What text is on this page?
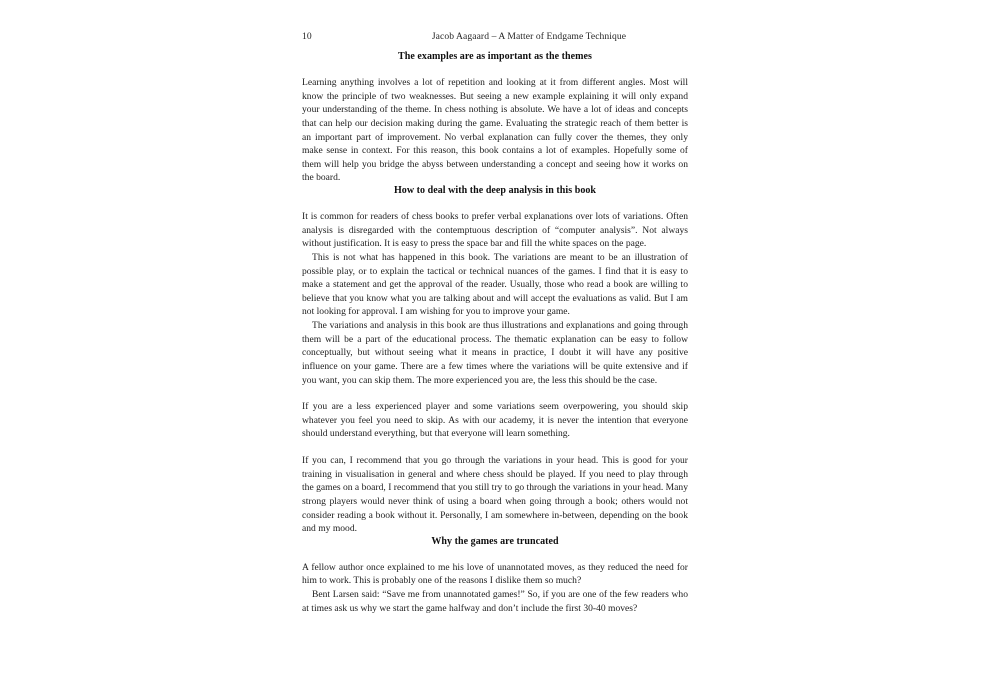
10	Jacob Aagaard – A Matter of Endgame Technique
The examples are as important as the themes

Learning anything involves a lot of repetition and looking at it from different angles. Most will know the principle of two weaknesses. But seeing a new example explaining it will only expand your understanding of the theme. In chess nothing is absolute. We have a lot of ideas and concepts that can help our decision making during the game. Evaluating the strategic reach of them better is an important part of improvement. No verbal explanation can fully cover the themes, they only make sense in context. For this reason, this book contains a lot of examples. Hopefully some of them will help you bridge the abyss between understanding a concept and seeing how it works on the board.

How to deal with the deep analysis in this book

It is common for readers of chess books to prefer verbal explanations over lots of variations. Often analysis is disregarded with the contemptuous description of “computer analysis”. Not always without justification. It is easy to press the space bar and fill the white spaces on the page.

This is not what has happened in this book. The variations are meant to be an illustration of possible play, or to explain the tactical or technical nuances of the games. I find that it is easy to make a statement and get the approval of the reader. Usually, those who read a book are willing to believe that you know what you are talking about and will accept the evaluations as valid. But I am not looking for approval. I am wishing for you to improve your game.

The variations and analysis in this book are thus illustrations and explanations and going through them will be a part of the educational process. The thematic explanation can be easy to follow conceptually, but without seeing what it means in practice, I doubt it will have any positive influence on your game. There are a few times where the variations will be quite extensive and if you want, you can skip them. The more experienced you are, the less this should be the case.

If you are a less experienced player and some variations seem overpowering, you should skip whatever you feel you need to skip. As with our academy, it is never the intention that everyone should understand everything, but that everyone will learn something.

If you can, I recommend that you go through the variations in your head. This is good for your training in visualisation in general and where chess should be played. If you need to play through the games on a board, I recommend that you still try to go through the variations in your head. Many strong players would never think of using a board when going through a book; others would not consider reading a book without it. Personally, I am somewhere in-between, depending on the book and my mood.

Why the games are truncated

A fellow author once explained to me his love of unannotated moves, as they reduced the need for him to work. This is probably one of the reasons I dislike them so much?

Bent Larsen said: “Save me from unannotated games!” So, if you are one of the few readers who at times ask us why we start the game halfway and don’t include the first 30-40 moves?
